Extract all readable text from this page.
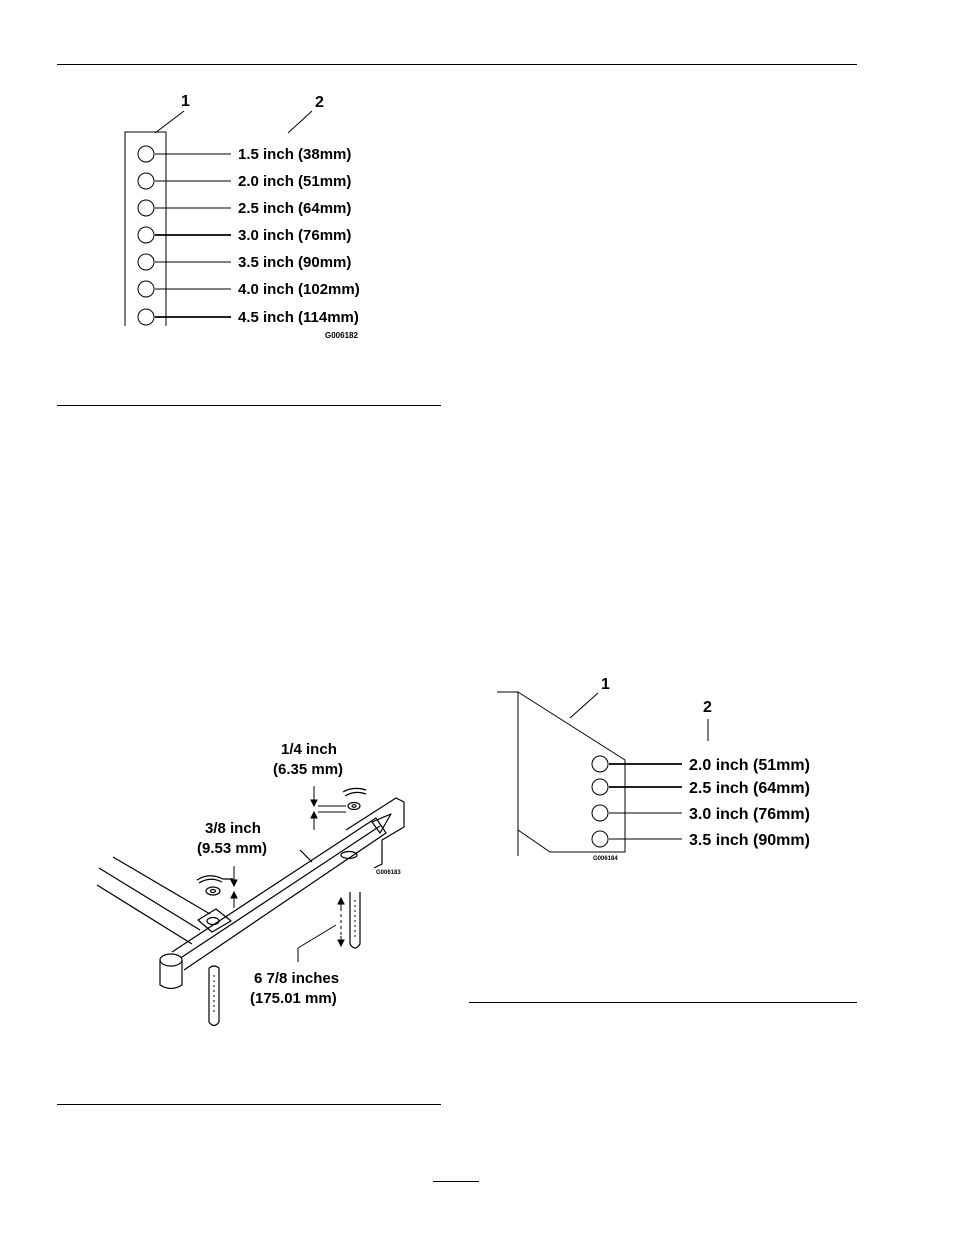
1	2
1.5 inch (38mm)
2.0 inch (51mm)
2.5 inch (64mm)
3.0 inch (76mm)
3.5 inch (90mm)
4.0 inch (102mm)
4.5 inch (114mm)
G006182
1
2
2.0 inch (51mm)
2.5 inch (64mm)
3.0 inch (76mm)
3.5 inch (90mm)
G006184
1/4 inch
(6.35 mm)
3/8 inch
(9.53 mm)
6 7/8 inches
(175.01 mm)
G006183
